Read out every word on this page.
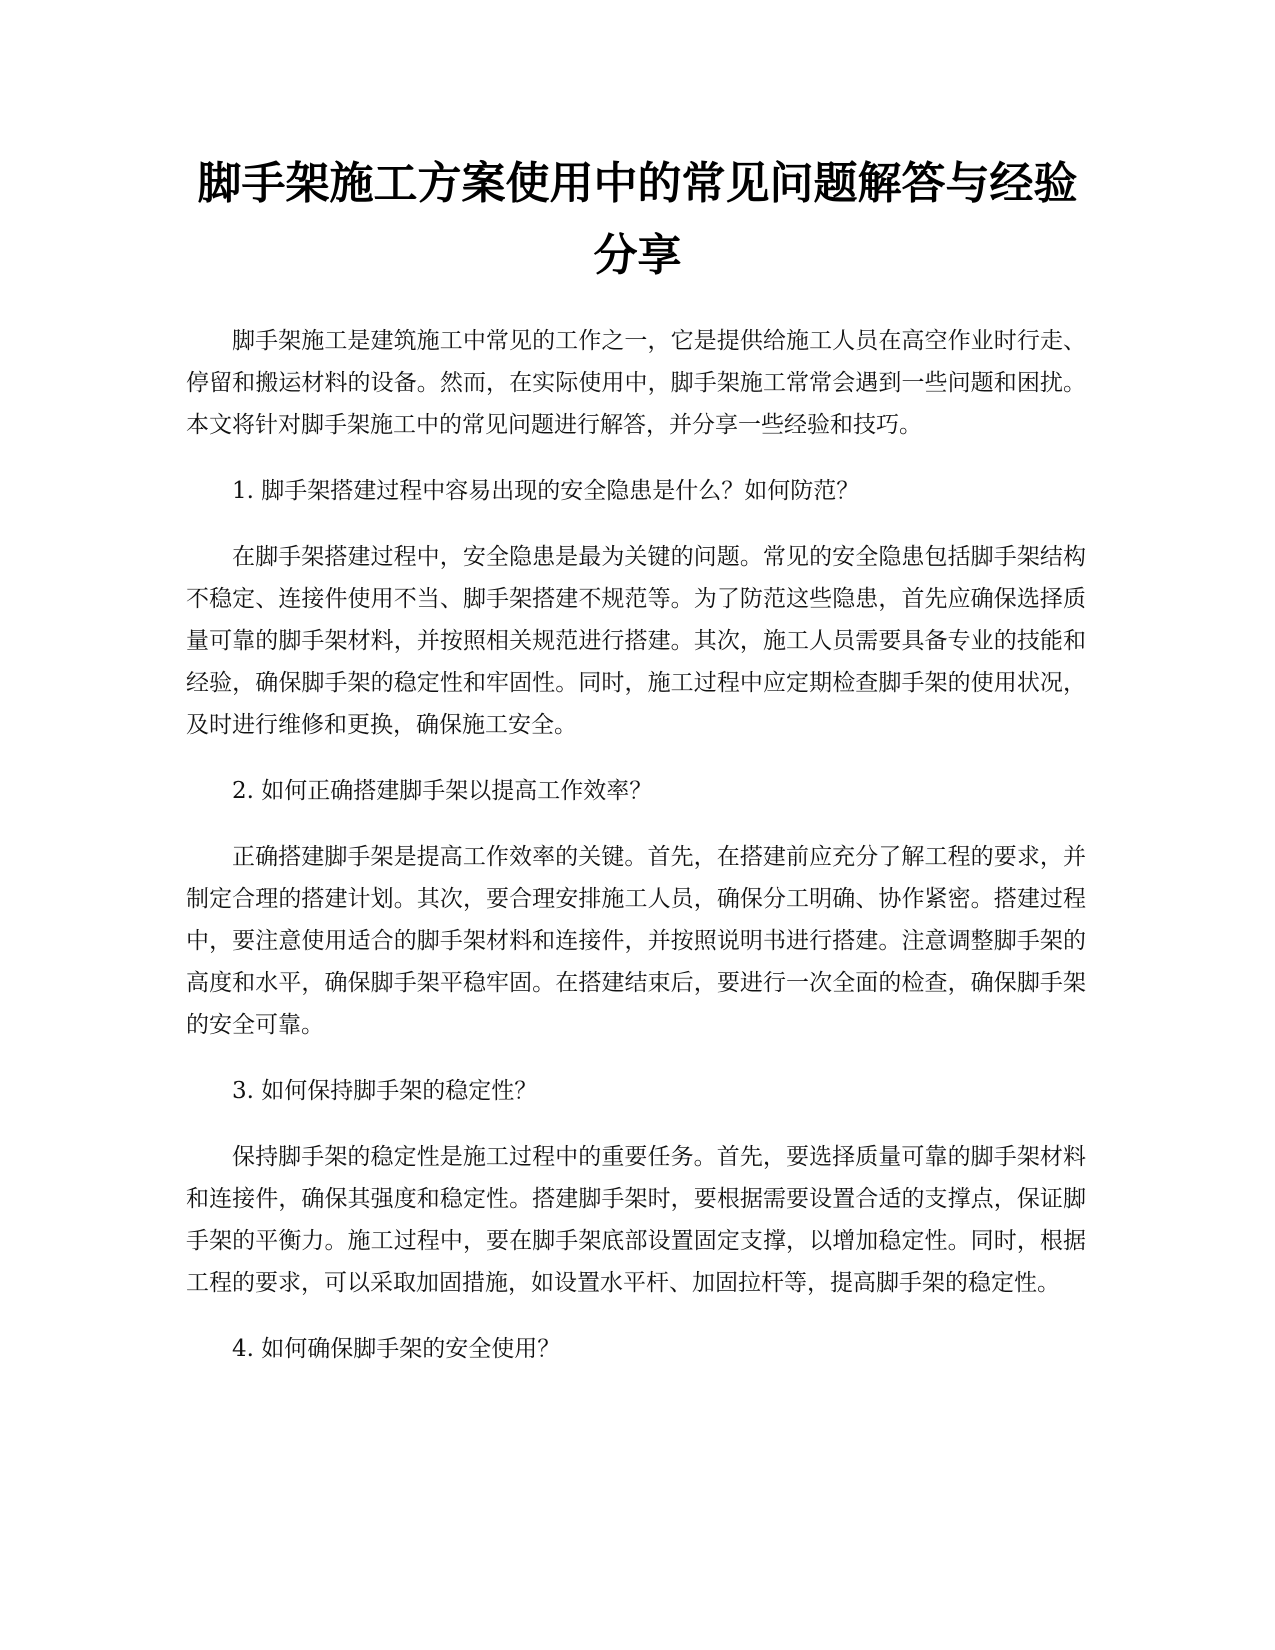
脚手架施工方案使用中的常见问题解答与经验分享

脚手架施工是建筑施工中常见的工作之一，它是提供给施工人员在高空作业时行走、停留和搬运材料的设备。然而，在实际使用中，脚手架施工常常会遇到一些问题和困扰。本文将针对脚手架施工中的常见问题进行解答，并分享一些经验和技巧。

1. 脚手架搭建过程中容易出现的安全隐患是什么？如何防范？

在脚手架搭建过程中，安全隐患是最为关键的问题。常见的安全隐患包括脚手架结构不稳定、连接件使用不当、脚手架搭建不规范等。为了防范这些隐患，首先应确保选择质量可靠的脚手架材料，并按照相关规范进行搭建。其次，施工人员需要具备专业的技能和经验，确保脚手架的稳定性和牢固性。同时，施工过程中应定期检查脚手架的使用状况，及时进行维修和更换，确保施工安全。

2. 如何正确搭建脚手架以提高工作效率？

正确搭建脚手架是提高工作效率的关键。首先，在搭建前应充分了解工程的要求，并制定合理的搭建计划。其次，要合理安排施工人员，确保分工明确、协作紧密。搭建过程中，要注意使用适合的脚手架材料和连接件，并按照说明书进行搭建。注意调整脚手架的高度和水平，确保脚手架平稳牢固。在搭建结束后，要进行一次全面的检查，确保脚手架的安全可靠。

3. 如何保持脚手架的稳定性？

保持脚手架的稳定性是施工过程中的重要任务。首先，要选择质量可靠的脚手架材料和连接件，确保其强度和稳定性。搭建脚手架时，要根据需要设置合适的支撑点，保证脚手架的平衡力。施工过程中，要在脚手架底部设置固定支撑，以增加稳定性。同时，根据工程的要求，可以采取加固措施，如设置水平杆、加固拉杆等，提高脚手架的稳定性。

4. 如何确保脚手架的安全使用？
